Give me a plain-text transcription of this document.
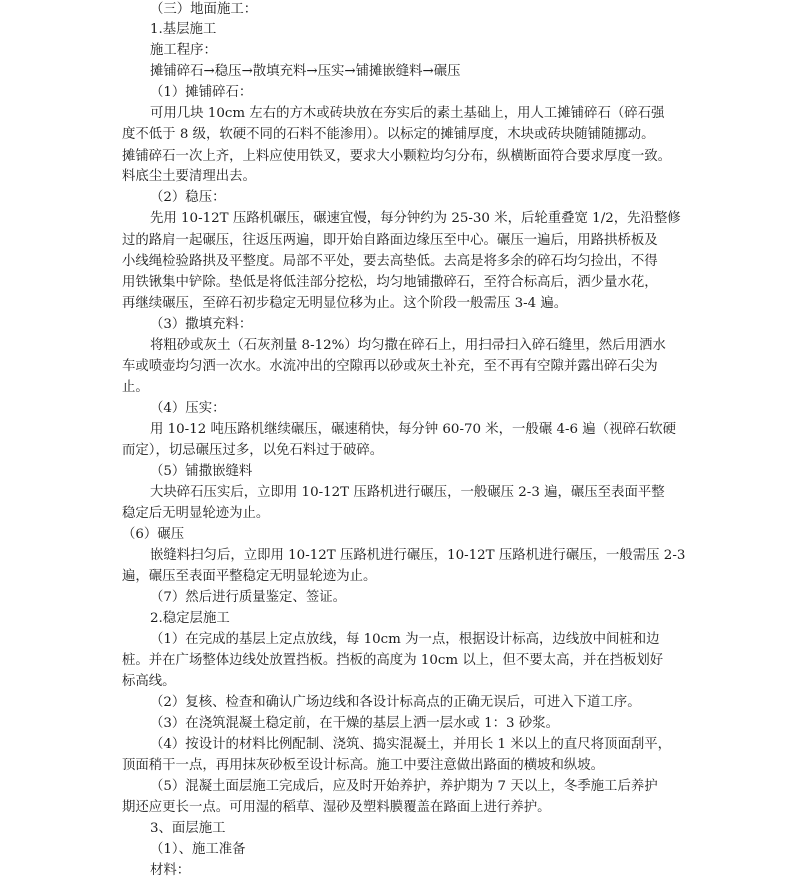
（三）地面施工：
1.基层施工
施工程序：
摊铺碎石→稳压→散填充料→压实→铺摊嵌缝料→碾压
（1）摊铺碎石：
可用几块 10cm 左右的方木或砖块放在夯实后的素土基础上，用人工摊铺碎石（碎石强
度不低于 8 级，软硬不同的石料不能渗用）。以标定的摊铺厚度，木块或砖块随铺随挪动。
摊铺碎石一次上齐，上料应使用铁叉，要求大小颗粒均匀分布，纵横断面符合要求厚度一致。
料底尘土要清理出去。
（2）稳压：
先用 10-12T 压路机碾压，碾速宜慢，每分钟约为 25-30 米，后轮重叠宽 1/2，先沿整修
过的路肩一起碾压，往返压两遍，即开始自路面边缘压至中心。碾压一遍后，用路拱桥板及
小线绳检验路拱及平整度。局部不平处，要去高垫低。去高是将多余的碎石均匀捡出，不得
用铁锹集中铲除。垫低是将低洼部分挖松，均匀地铺撒碎石，至符合标高后，洒少量水花，
再继续碾压，至碎石初步稳定无明显位移为止。这个阶段一般需压 3-4 遍。
（3）撒填充料：
将粗砂或灰土（石灰剂量 8-12%）均匀撒在碎石上，用扫帚扫入碎石缝里，然后用洒水
车或喷壶均匀洒一次水。水流冲出的空隙再以砂或灰土补充，至不再有空隙并露出碎石尖为
止。
（4）压实：
用 10-12 吨压路机继续碾压，碾速稍快，每分钟 60-70 米，一般碾 4-6 遍（视碎石软硬
而定），切忌碾压过多，以免石料过于破碎。
（5）铺撒嵌缝料
大块碎石压实后，立即用 10-12T 压路机进行碾压，一般碾压 2-3 遍，碾压至表面平整
稳定后无明显轮迹为止。
（6）碾压
嵌缝料扫匀后，立即用 10-12T 压路机进行碾压，10-12T 压路机进行碾压，一般需压 2-3
遍，碾压至表面平整稳定无明显轮迹为止。
（7）然后进行质量鉴定、签证。
2.稳定层施工
（1）在完成的基层上定点放线，每 10cm 为一点，根据设计标高，边线放中间桩和边
桩。并在广场整体边线处放置挡板。挡板的高度为 10cm 以上，但不要太高，并在挡板划好
标高线。
（2）复核、检查和确认广场边线和各设计标高点的正确无误后，可进入下道工序。
（3）在浇筑混凝土稳定前，在干燥的基层上洒一层水或 1：3 砂浆。
（4）按设计的材料比例配制、浇筑、捣实混凝土，并用长 1 米以上的直尺将顶面刮平，
顶面稍干一点，再用抹灰砂板至设计标高。施工中要注意做出路面的横坡和纵坡。
（5）混凝土面层施工完成后，应及时开始养护，养护期为 7 天以上，冬季施工后养护
期还应更长一点。可用湿的稻草、湿砂及塑料膜覆盖在路面上进行养护。
3、面层施工
（1）、施工准备
材料：
